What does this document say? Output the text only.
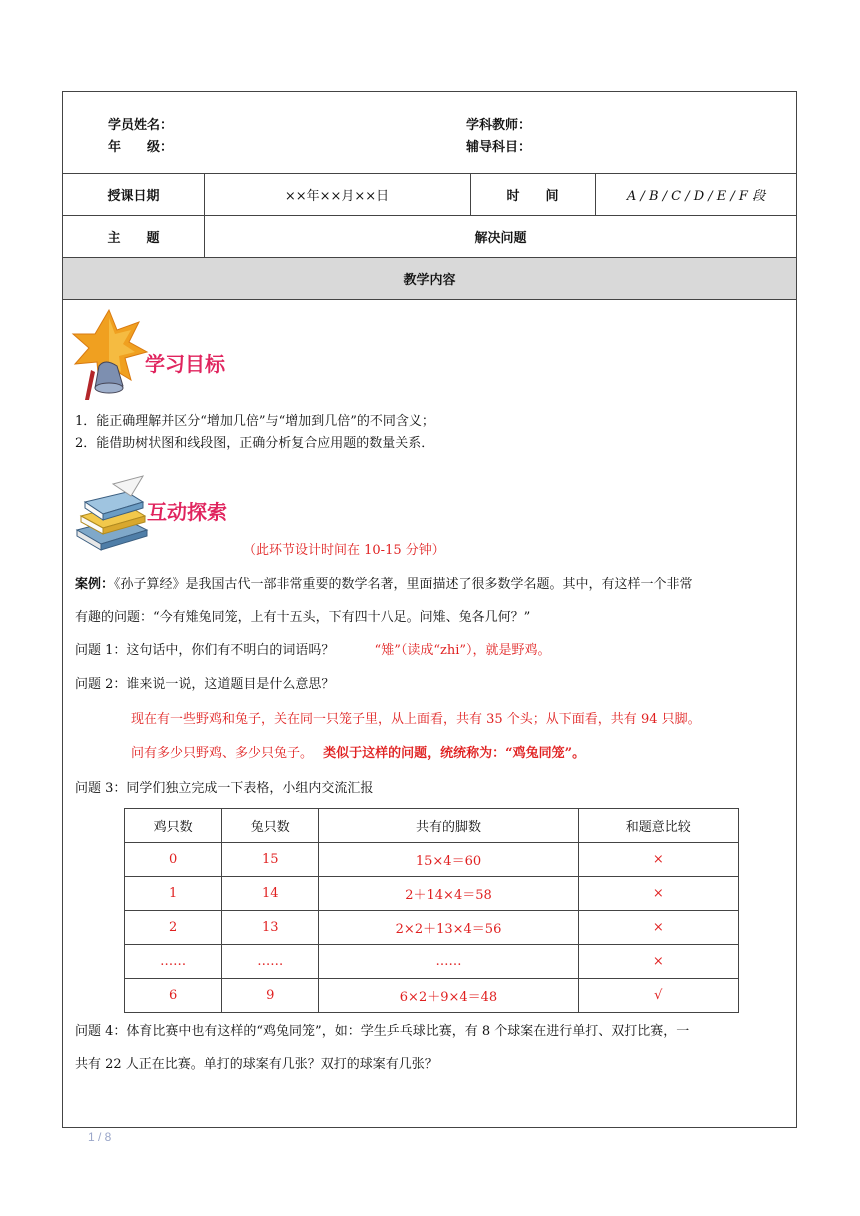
学员姓名：
年　　级：
学科教师：
辅导科目：
授课日期	××年××月××日	时　　间	A / B / C / D / E / F 段
主　　题	解决问题
教学内容
学习目标
1．能正确理解并区分“增加几倍”与“增加到几倍”的不同含义；
2．能借助树状图和线段图，正确分析复合应用题的数量关系．
互动探索
（此环节设计时间在 10-15 分钟）
案例：《孙子算经》是我国古代一部非常重要的数学名著，里面描述了很多数学名题。其中，有这样一个非常
有趣的问题：“今有雉兔同笼，上有十五头，下有四十八足。问雉、兔各几何？”
问题 1：这句话中，你们有不明白的词语吗？	“雉”（读成“zhi”），就是野鸡。
问题 2：谁来说一说，这道题目是什么意思？
现在有一些野鸡和兔子，关在同一只笼子里，从上面看，共有 35 个头；从下面看，共有 94 只脚。
问有多少只野鸡、多少只兔子。 类似于这样的问题，统统称为：“鸡兔同笼”。
问题 3：同学们独立完成一下表格，小组内交流汇报
鸡只数	兔只数	共有的脚数	和题意比较
0	15	15×4＝60	×
1	14	2＋14×4＝58	×
2	13	2×2＋13×4＝56	×
……	……	……	×
6	9	6×2＋9×4＝48	√
问题 4：体育比赛中也有这样的“鸡兔同笼”，如：学生乒乓球比赛，有 8 个球案在进行单打、双打比赛，一
共有 22 人正在比赛。单打的球案有几张？双打的球案有几张？
1 / 8
